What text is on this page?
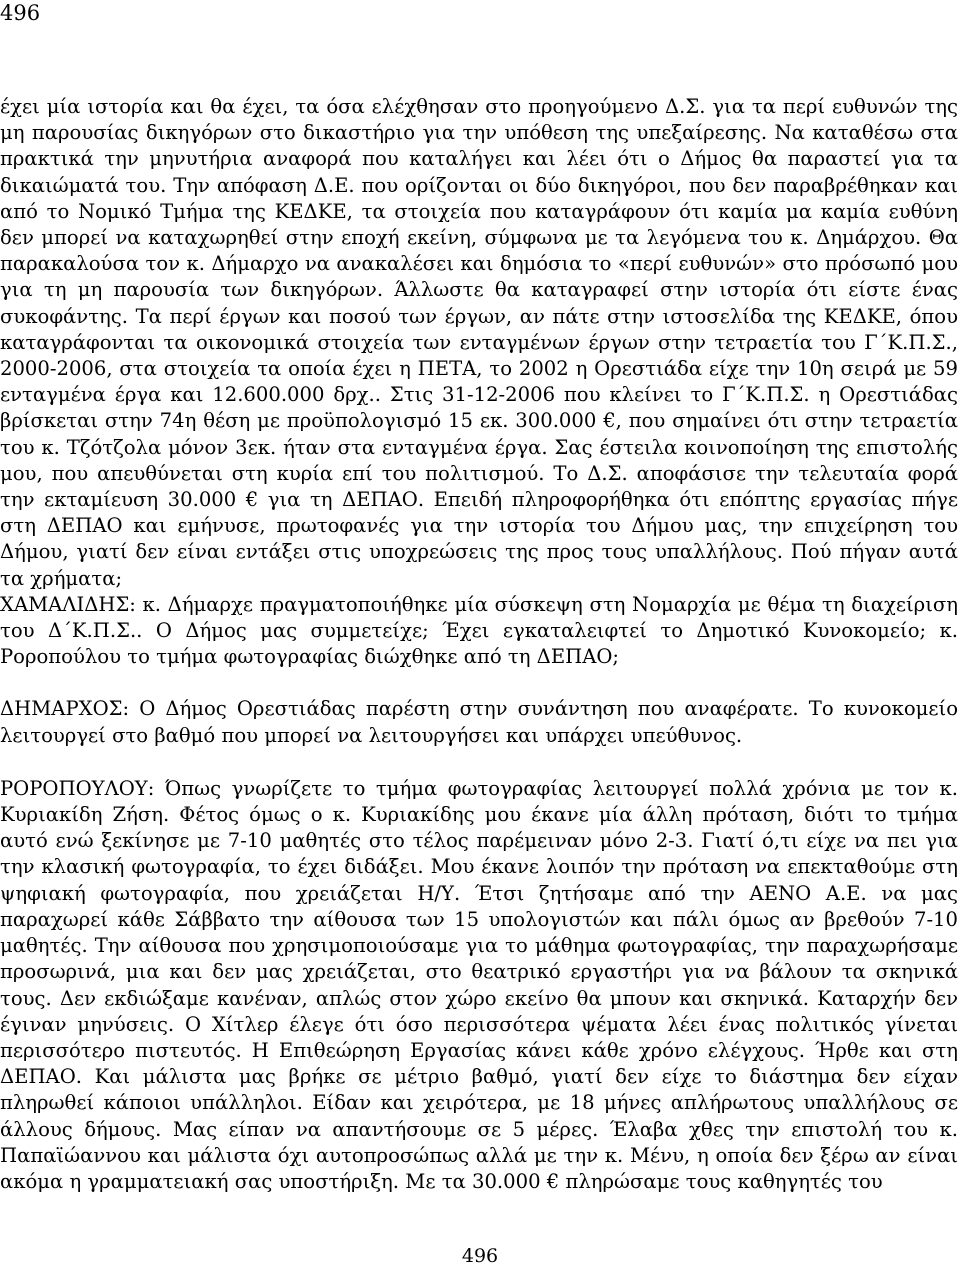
496

έχει μία ιστορία και θα έχει, τα όσα ελέχθησαν στο προηγούμενο Δ.Σ. για τα περί ευθυνών της μη παρουσίας δικηγόρων στο δικαστήριο για την υπόθεση της υπεξαίρεσης. Να καταθέσω στα πρακτικά την μηνυτήρια αναφορά που καταλήγει και λέει ότι ο Δήμος θα παραστεί για τα δικαιώματά του. Την απόφαση Δ.Ε. που ορίζονται οι δύο δικηγόροι, που δεν παραβρέθηκαν και από το Νομικό Τμήμα της ΚΕΔΚΕ, τα στοιχεία που καταγράφουν ότι καμία μα καμία ευθύνη δεν μπορεί να καταχωρηθεί στην εποχή εκείνη, σύμφωνα με τα λεγόμενα του κ. Δημάρχου. Θα παρακαλούσα τον κ. Δήμαρχο να ανακαλέσει και δημόσια το «περί ευθυνών» στο πρόσωπό μου για τη μη παρουσία των δικηγόρων. Άλλωστε θα καταγραφεί στην ιστορία ότι είστε ένας συκοφάντης. Τα περί έργων και ποσού των έργων, αν πάτε στην ιστοσελίδα της ΚΕΔΚΕ, όπου καταγράφονται τα οικονομικά στοιχεία των ενταγμένων έργων στην τετραετία του Γ΄Κ.Π.Σ., 2000-2006, στα στοιχεία τα οποία έχει η ΠΕΤΑ, το 2002 η Ορεστιάδα είχε την 10η σειρά με 59 ενταγμένα έργα και 12.600.000 δρχ.. Στις 31-12-2006 που κλείνει το Γ΄Κ.Π.Σ. η Ορεστιάδας βρίσκεται στην 74η θέση με προϋπολογισμό 15 εκ. 300.000 €, που σημαίνει ότι στην τετραετία του κ. Τζότζολα μόνον 3εκ. ήταν στα ενταγμένα έργα. Σας έστειλα κοινοποίηση της επιστολής μου, που απευθύνεται στη κυρία επί του πολιτισμού. Το Δ.Σ. αποφάσισε την τελευταία φορά την εκταμίευση 30.000 € για τη ΔΕΠΑΟ. Επειδή πληροφορήθηκα ότι επόπτης εργασίας πήγε στη ΔΕΠΑΟ και εμήνυσε, πρωτοφανές για την ιστορία του Δήμου μας, την επιχείρηση του Δήμου, γιατί δεν είναι εντάξει στις υποχρεώσεις της προς τους υπαλλήλους. Πού πήγαν αυτά τα χρήματα;

ΧΑΜΑΛΙΔΗΣ: κ. Δήμαρχε πραγματοποιήθηκε μία σύσκεψη στη Νομαρχία με θέμα τη διαχείριση του Δ΄Κ.Π.Σ.. Ο Δήμος μας συμμετείχε; Έχει εγκαταλειφτεί το Δημοτικό Κυνοκομείο; κ. Ροροπούλου το τμήμα φωτογραφίας διώχθηκε από τη ΔΕΠΑΟ;

ΔΗΜΑΡΧΟΣ: Ο Δήμος Ορεστιάδας παρέστη στην συνάντηση που αναφέρατε. Το κυνοκομείο λειτουργεί στο βαθμό που μπορεί να λειτουργήσει και υπάρχει υπεύθυνος.

ΡΟΡΟΠΟΥΛΟΥ: Όπως γνωρίζετε το τμήμα φωτογραφίας λειτουργεί πολλά χρόνια με τον κ. Κυριακίδη Ζήση. Φέτος όμως ο κ. Κυριακίδης μου έκανε μία άλλη πρόταση, διότι το τμήμα αυτό ενώ ξεκίνησε με 7-10 μαθητές στο τέλος παρέμειναν μόνο 2-3. Γιατί ό,τι είχε να πει για την κλασική φωτογραφία, το έχει διδάξει. Μου έκανε λοιπόν την πρόταση να επεκταθούμε στη ψηφιακή φωτογραφία, που χρειάζεται Η/Υ. Έτσι ζητήσαμε από την ΑΕΝΟ Α.Ε. να μας παραχωρεί κάθε Σάββατο την αίθουσα των 15 υπολογιστών και πάλι όμως αν βρεθούν 7-10 μαθητές. Την αίθουσα που χρησιμοποιούσαμε για το μάθημα φωτογραφίας, την παραχωρήσαμε προσωρινά, μια και δεν μας χρειάζεται, στο θεατρικό εργαστήρι για να βάλουν τα σκηνικά τους. Δεν εκδιώξαμε κανέναν, απλώς στον χώρο εκείνο θα μπουν και σκηνικά. Καταρχήν δεν έγιναν μηνύσεις. Ο Χίτλερ έλεγε ότι όσο περισσότερα ψέματα λέει ένας πολιτικός γίνεται περισσότερο πιστευτός. Η Επιθεώρηση Εργασίας κάνει κάθε χρόνο ελέγχους. Ήρθε και στη ΔΕΠΑΟ. Και μάλιστα μας βρήκε σε μέτριο βαθμό, γιατί δεν είχε το διάστημα δεν είχαν πληρωθεί κάποιοι υπάλληλοι. Είδαν και χειρότερα, με 18 μήνες απλήρωτους υπαλλήλους σε άλλους δήμους. Μας είπαν να απαντήσουμε σε 5 μέρες. Έλαβα χθες την επιστολή του κ. Παπαϊώαννου και μάλιστα όχι αυτοπροσώπως αλλά με την κ. Μένυ, η οποία δεν ξέρω αν είναι ακόμα η γραμματειακή σας υποστήριξη. Με τα 30.000 € πληρώσαμε τους καθηγητές του

496
